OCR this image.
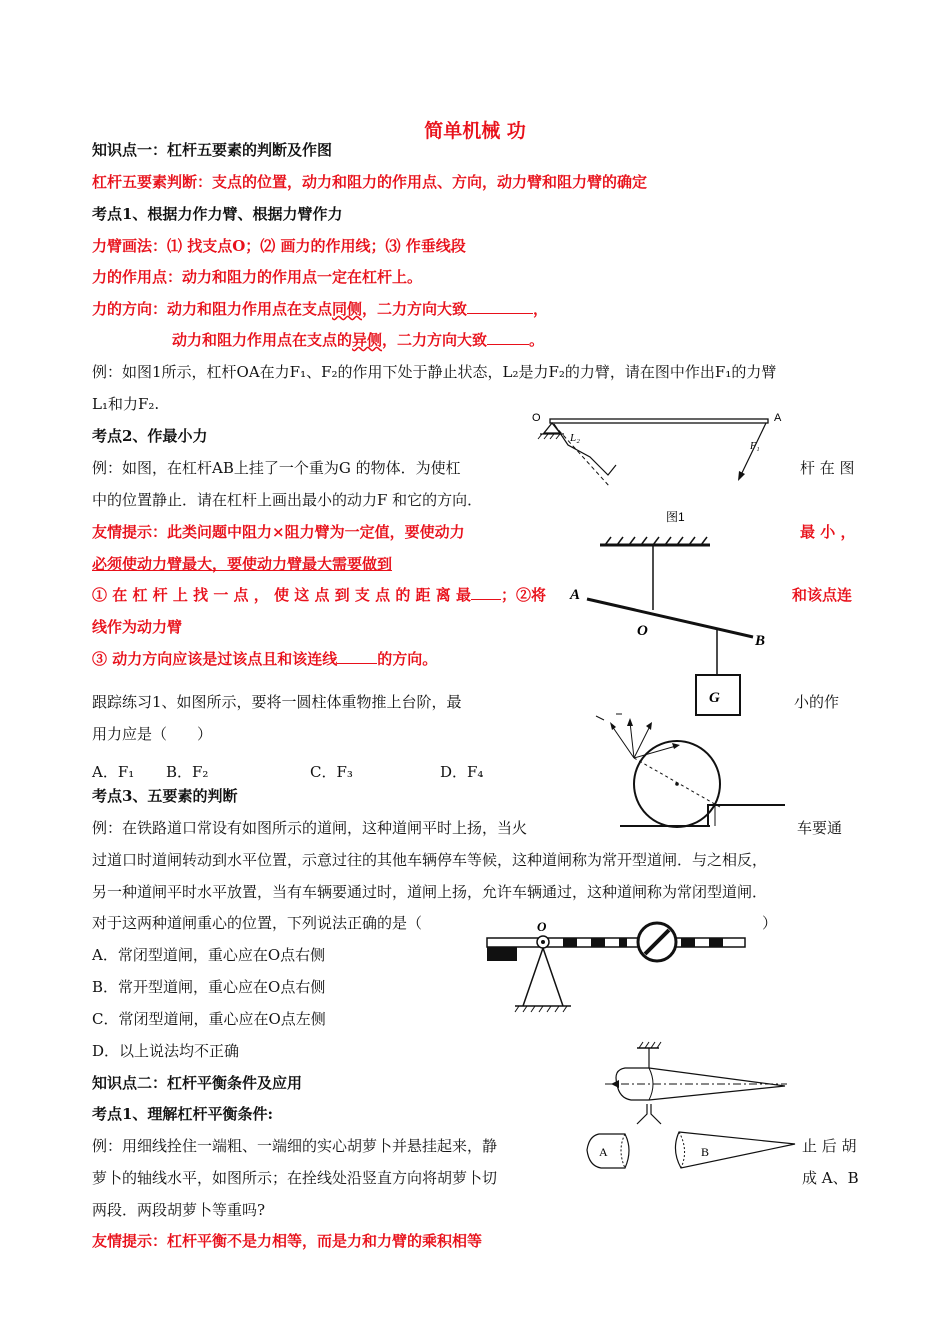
简单机械 功
知识点一：杠杆五要素的判断及作图
杠杆五要素判断：支点的位置，动力和阻力的作用点、方向，动力臂和阻力臂的确定
考点1、根据力作力臂、根据力臂作力
力臂画法：⑴ 找支点O；⑵ 画力的作用线；⑶ 作垂线段
力的作用点：动力和阻力的作用点一定在杠杆上。
力的方向：动力和阻力作用点在支点同侧，二力方向大致	，
动力和阻力作用点在支点的异侧，二力方向大致	。
例：如图1所示，杠杆OA在力F₁、F₂的作用下处于静止状态，L₂是力F₂的力臂，请在图中作出F₁的力臂
L₁和力F₂.
O	A
L₂
F₁
图1
考点2、作最小力
例：如图，在杠杆AB上挂了一个重为G 的物体．为使杠	杆 在 图
中的位置静止．请在杠杆上画出最小的动力F 和它的方向．
友情提示：此类问题中阻力×阻力臂为一定值，要使动力	最 小 ，
必须使动力臂最大，要使动力臂最大需要做到
① 在 杠 杆 上 找 一 点 ， 使 这 点 到 支 点 的 距 离 最 ；②将	和该点连
线作为动力臂
③ 动力方向应该是过该点且和该连线	的方向。
A
O
B
G
跟踪练习1、如图所示，要将一圆柱体重物推上台阶，最	小的作
用力应是（　　）
A．F₁ B．F₂	C．F₃	D．F₄
考点3、五要素的判断
例：在铁路道口常设有如图所示的道闸，这种道闸平时上扬，当火	车要通
过道口时道闸转动到水平位置，示意过往的其他车辆停车等候，这种道闸称为常开型道闸．与之相反，
另一种道闸平时水平放置，当有车辆要通过时，道闸上扬，允许车辆通过，这种道闸称为常闭型道闸．
对于这两种道闸重心的位置，下列说法正确的是（	）
O
A．常闭型道闸，重心应在O点右侧
B．常开型道闸，重心应在O点右侧
C．常闭型道闸，重心应在O点左侧
D．以上说法均不正确
知识点二：杠杆平衡条件及应用
考点1、理解杠杆平衡条件:
例：用细线拴住一端粗、一端细的实心胡萝卜并悬挂起来，静	止 后 胡
萝卜的轴线水平，如图所示；在拴线处沿竖直方向将胡萝卜切	成 A、B
两段．两段胡萝卜等重吗?
A	B
友情提示：杠杆平衡不是力相等，而是力和力臂的乘积相等
